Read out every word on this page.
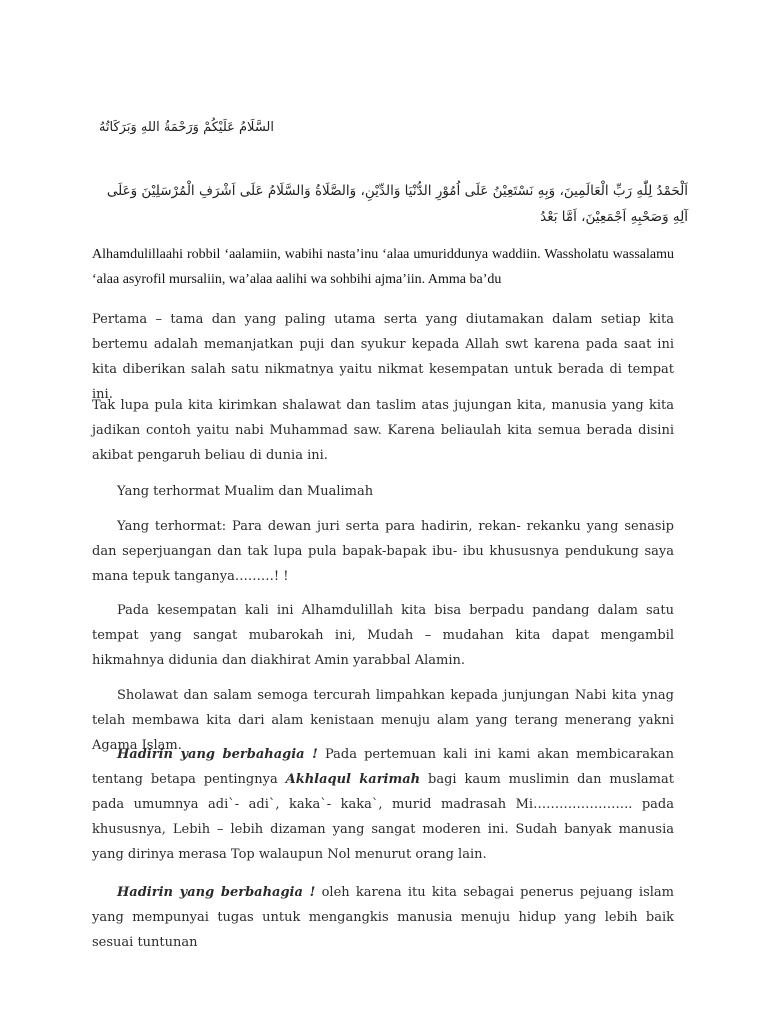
السَّلَامُ عَلَيْكُمْ وَرَحْمَةُ اللهِ وَبَرَكَاتُهُ
اَلْحَمْدُ لِلّٰهِ رَبِّ الْعَالَمِينَ، وَبِهِ نَسْتَعِيْنُ عَلَى اُمُوْرِ الدُّنْيَا وَالدِّيْنِ، وَالصَّلَاةُ وَالسَّلَامُ عَلَى اَشْرَفِ الْمُرْسَلِيْنَ وَعَلَى آلِهِ وَصَحْبِهِ اَجْمَعِيْنَ، اَمَّا بَعْدُ

Alhamdulillaahi robbil ‘aalamiin, wabihi nasta’inu ‘alaa umuriddunya waddiin. Wassholatu wassalamu ‘alaa asyrofil mursaliin, wa’alaa aalihi wa sohbihi ajma’iin. Amma ba’du

Pertama – tama dan yang paling utama serta yang diutamakan dalam setiap kita bertemu adalah memanjatkan puji dan syukur kepada Allah swt karena pada saat ini kita diberikan salah satu nikmatnya yaitu nikmat kesempatan untuk berada di tempat ini.

Tak lupa pula kita kirimkan shalawat dan taslim atas jujungan kita, manusia yang kita jadikan contoh yaitu nabi Muhammad saw. Karena beliaulah kita semua berada disini akibat pengaruh beliau di dunia ini.

Yang terhormat Mualim dan Mualimah

Yang terhormat: Para dewan juri serta para hadirin, rekan- rekanku yang senasip dan seperjuangan dan tak lupa pula bapak-bapak ibu- ibu khususnya pendukung saya mana tepuk tanganya………! !

Pada kesempatan kali ini Alhamdulillah kita bisa berpadu pandang dalam satu tempat yang sangat mubarokah ini, Mudah – mudahan kita dapat mengambil hikmahnya didunia dan diakhirat Amin yarabbal Alamin.

Sholawat dan salam semoga tercurah limpahkan kepada junjungan Nabi kita ynag telah membawa kita dari alam kenistaan menuju alam yang terang menerang yakni Agama Islam.

Hadirin yang berbahagia ! Pada pertemuan kali ini kami akan membicarakan tentang betapa pentingnya Akhlaqul karimah bagi kaum muslimin dan muslamat pada umumnya adi`- adi`, kaka`- kaka`, murid madrasah Mi………………….. pada khususnya, Lebih – lebih dizaman yang sangat moderen ini. Sudah banyak manusia yang dirinya merasa Top walaupun Nol menurut orang lain.

Hadirin yang berbahagia ! oleh karena itu kita sebagai penerus pejuang islam yang mempunyai tugas untuk mengangkis manusia menuju hidup yang lebih baik sesuai tuntunan
